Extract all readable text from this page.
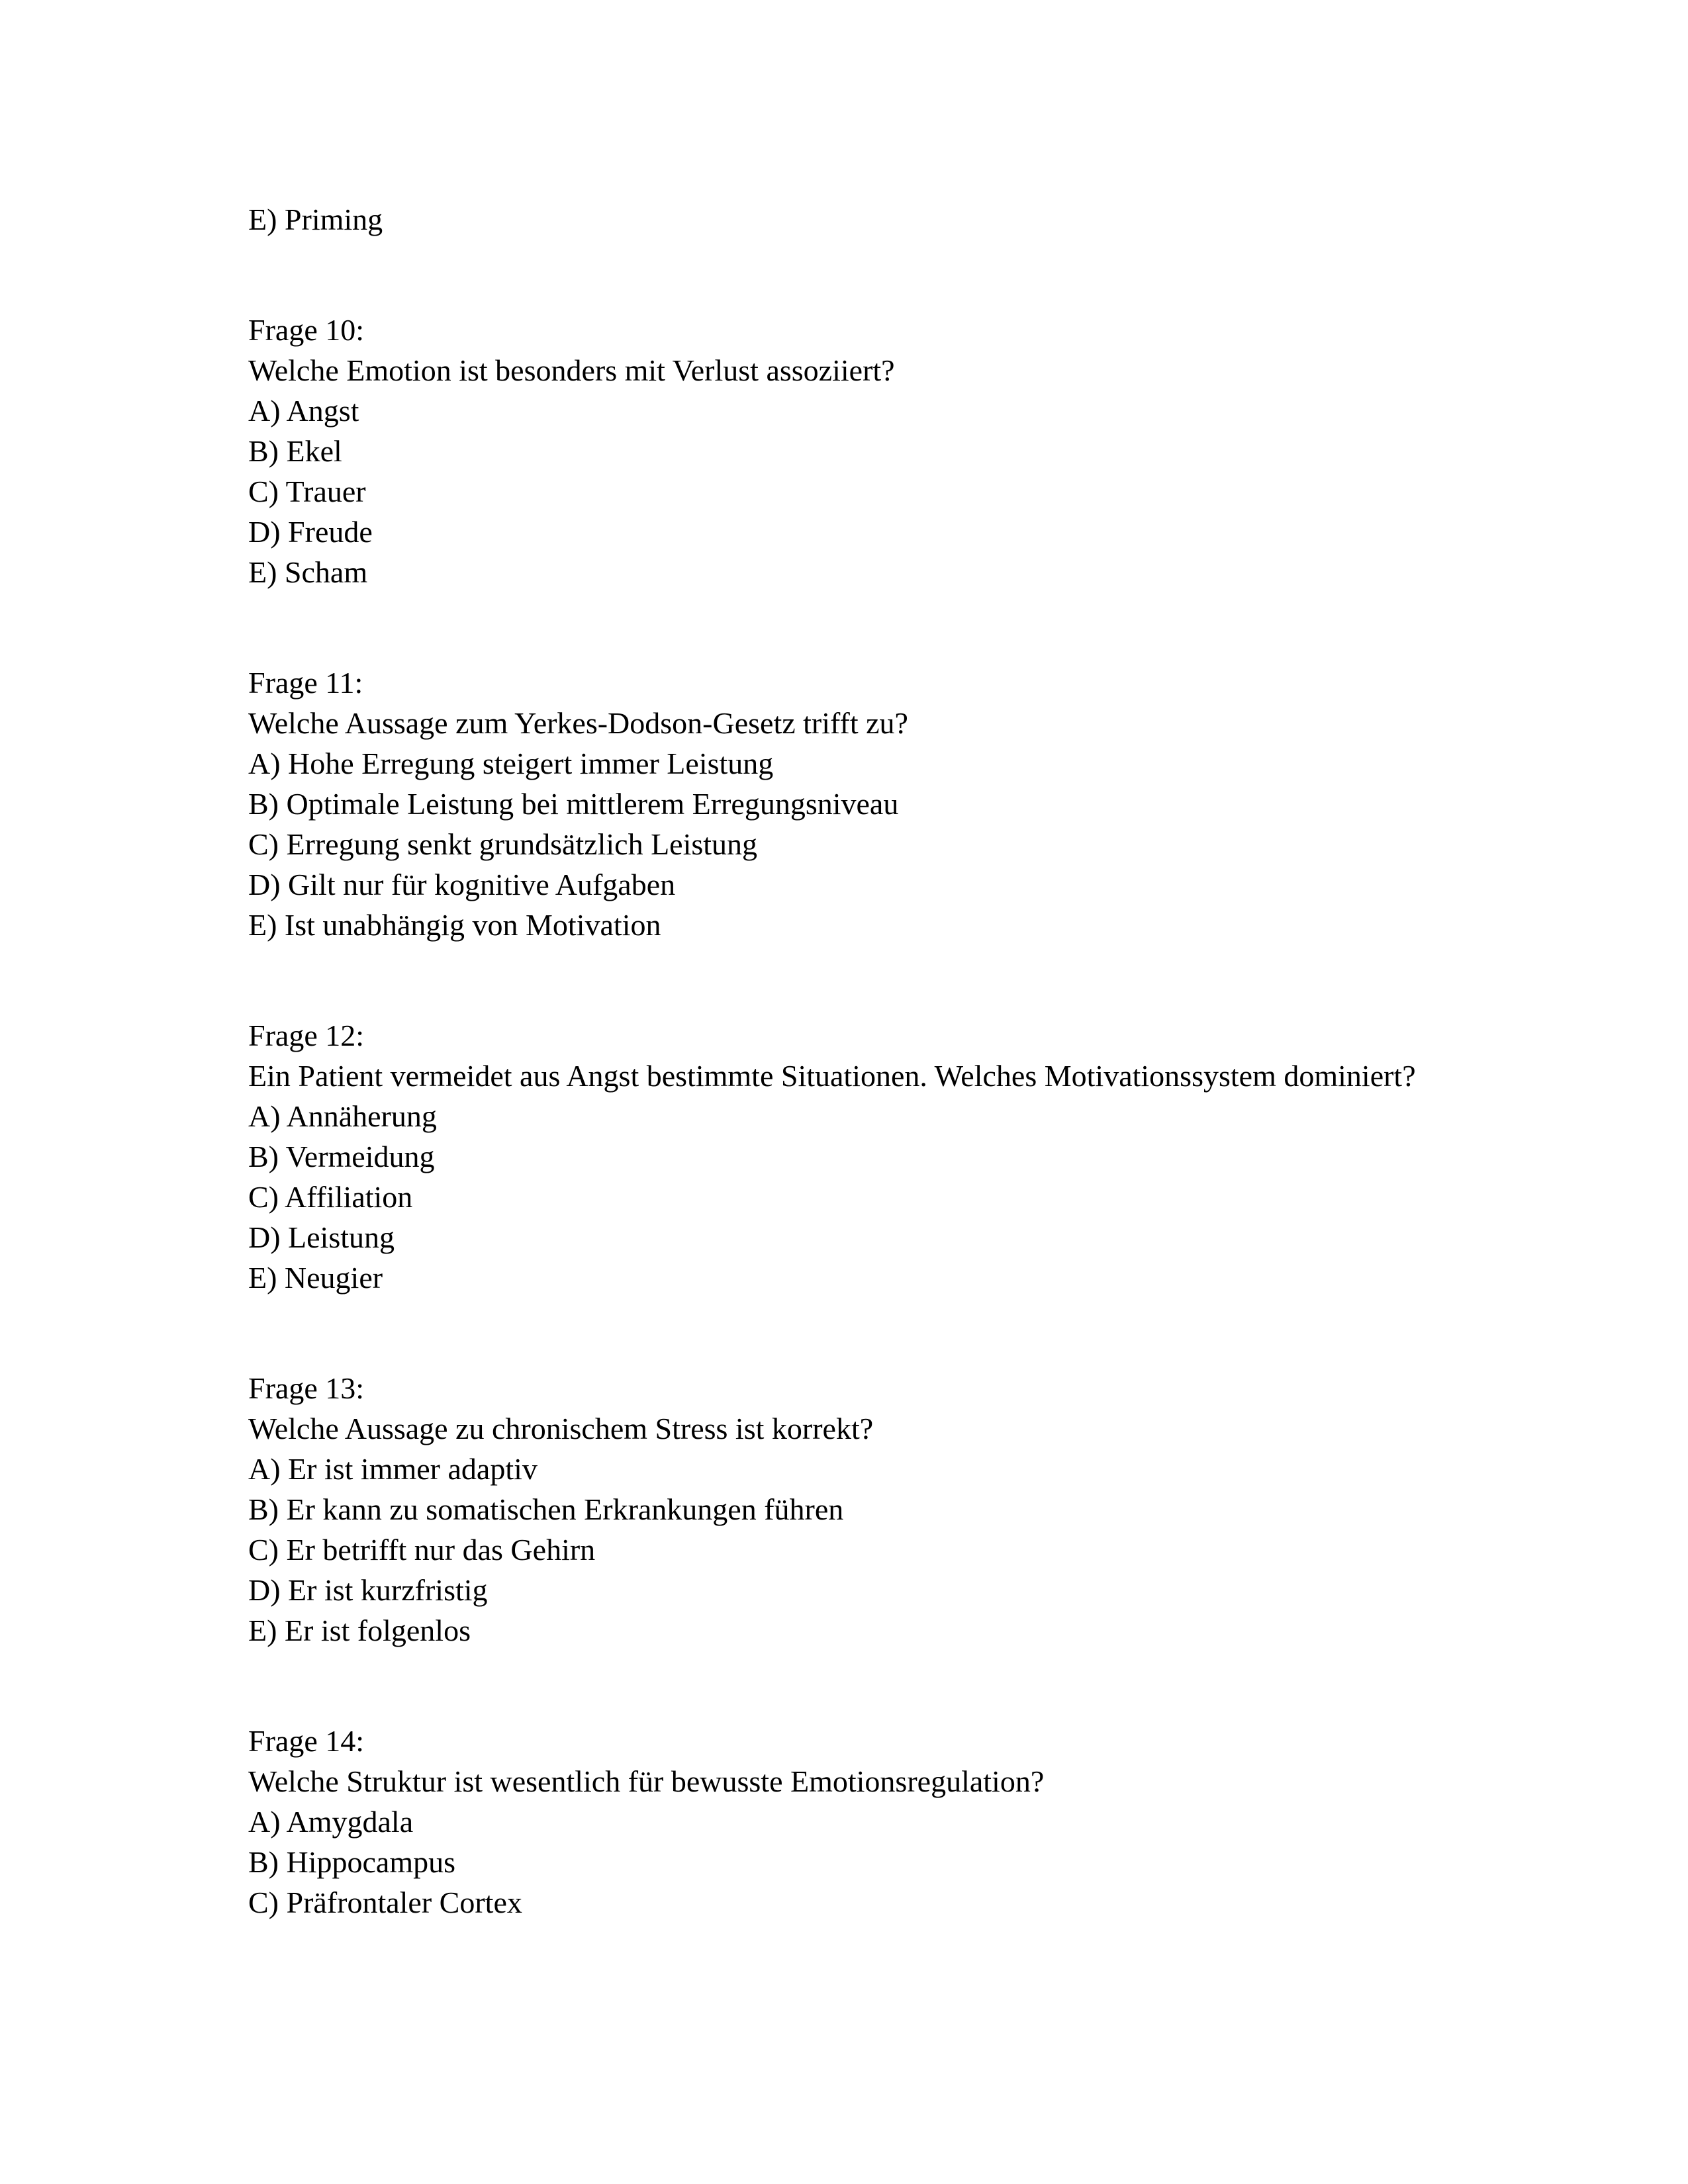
E) Priming

Frage 10:

Welche Emotion ist besonders mit Verlust assoziiert?

A) Angst

B) Ekel

C) Trauer

D) Freude

E) Scham

Frage 11:

Welche Aussage zum Yerkes-Dodson-Gesetz trifft zu?

A) Hohe Erregung steigert immer Leistung

B) Optimale Leistung bei mittlerem Erregungsniveau

C) Erregung senkt grundsätzlich Leistung

D) Gilt nur für kognitive Aufgaben

E) Ist unabhängig von Motivation

Frage 12:

Ein Patient vermeidet aus Angst bestimmte Situationen. Welches Motivationssystem dominiert?

A) Annäherung

B) Vermeidung

C) Affiliation

D) Leistung

E) Neugier

Frage 13:

Welche Aussage zu chronischem Stress ist korrekt?

A) Er ist immer adaptiv

B) Er kann zu somatischen Erkrankungen führen

C) Er betrifft nur das Gehirn

D) Er ist kurzfristig

E) Er ist folgenlos

Frage 14:

Welche Struktur ist wesentlich für bewusste Emotionsregulation?

A) Amygdala

B) Hippocampus

C) Präfrontaler Cortex
